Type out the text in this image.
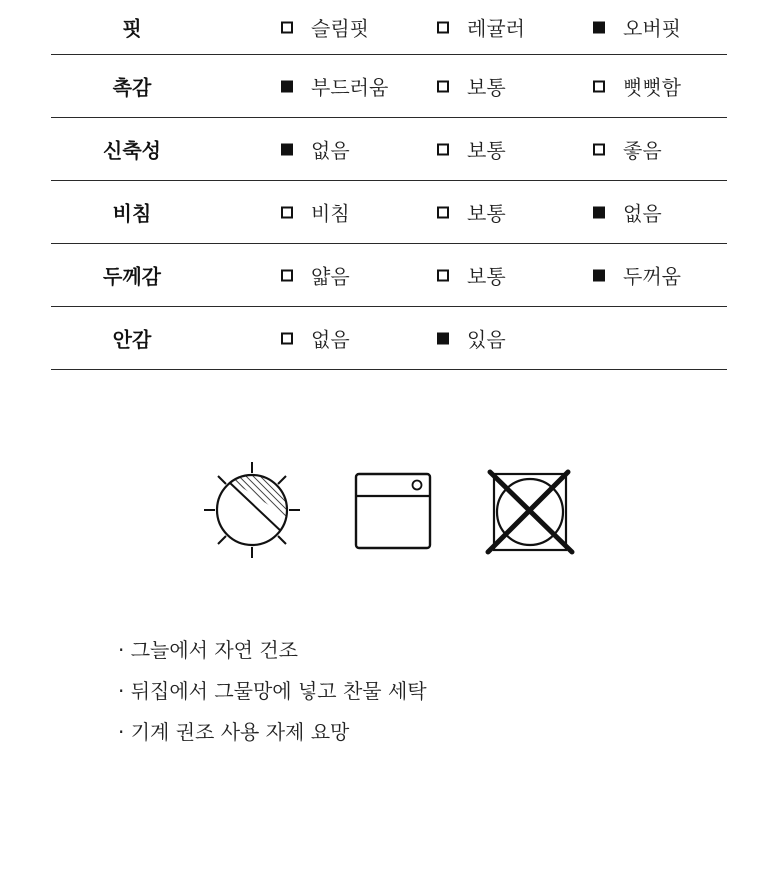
핏	슬림핏	레귤러	오버핏
촉감	부드러움	보통	뻣뻣함
신축성	없음	보통	좋음
비침	비침	보통	없음
두께감	얇음	보통	두꺼움
안감	없음	있음
· 그늘에서 자연 건조
· 뒤집에서 그물망에 넣고 찬물 세탁
· 기계 권조 사용 자제 요망
